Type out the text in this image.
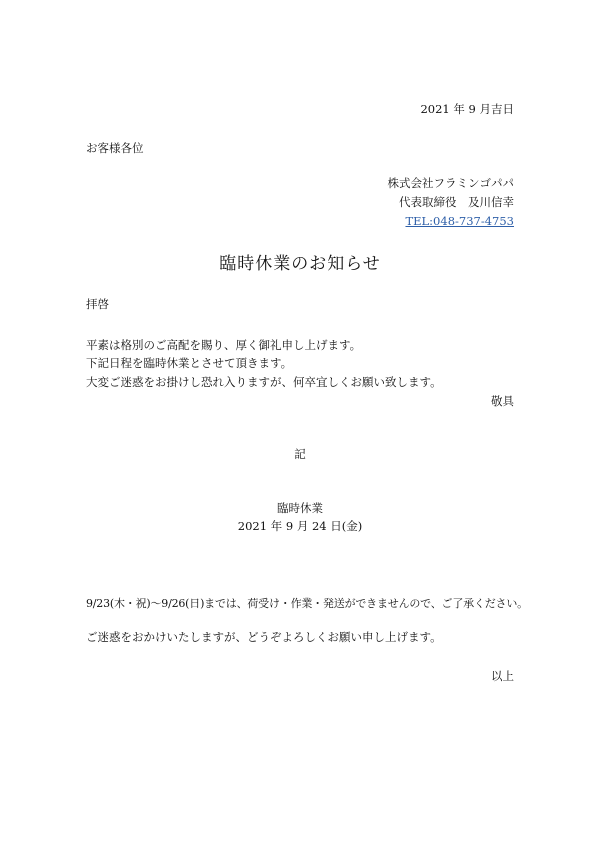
2021 年 9 月吉日
お客様各位
株式会社フラミンゴパパ
代表取締役　及川信幸
TEL:048-737-4753
臨時休業のお知らせ
拝啓
平素は格別のご高配を賜り、厚く御礼申し上げます。
下記日程を臨時休業とさせて頂きます。
大変ご迷惑をお掛けし恐れ入りますが、何卒宜しくお願い致します。
敬具
記
臨時休業
2021 年 9 月 24 日(金)
9/23(木・祝)～9/26(日)までは、荷受け・作業・発送ができませんので、ご了承ください。
ご迷惑をおかけいたしますが、どうぞよろしくお願い申し上げます。
以上
